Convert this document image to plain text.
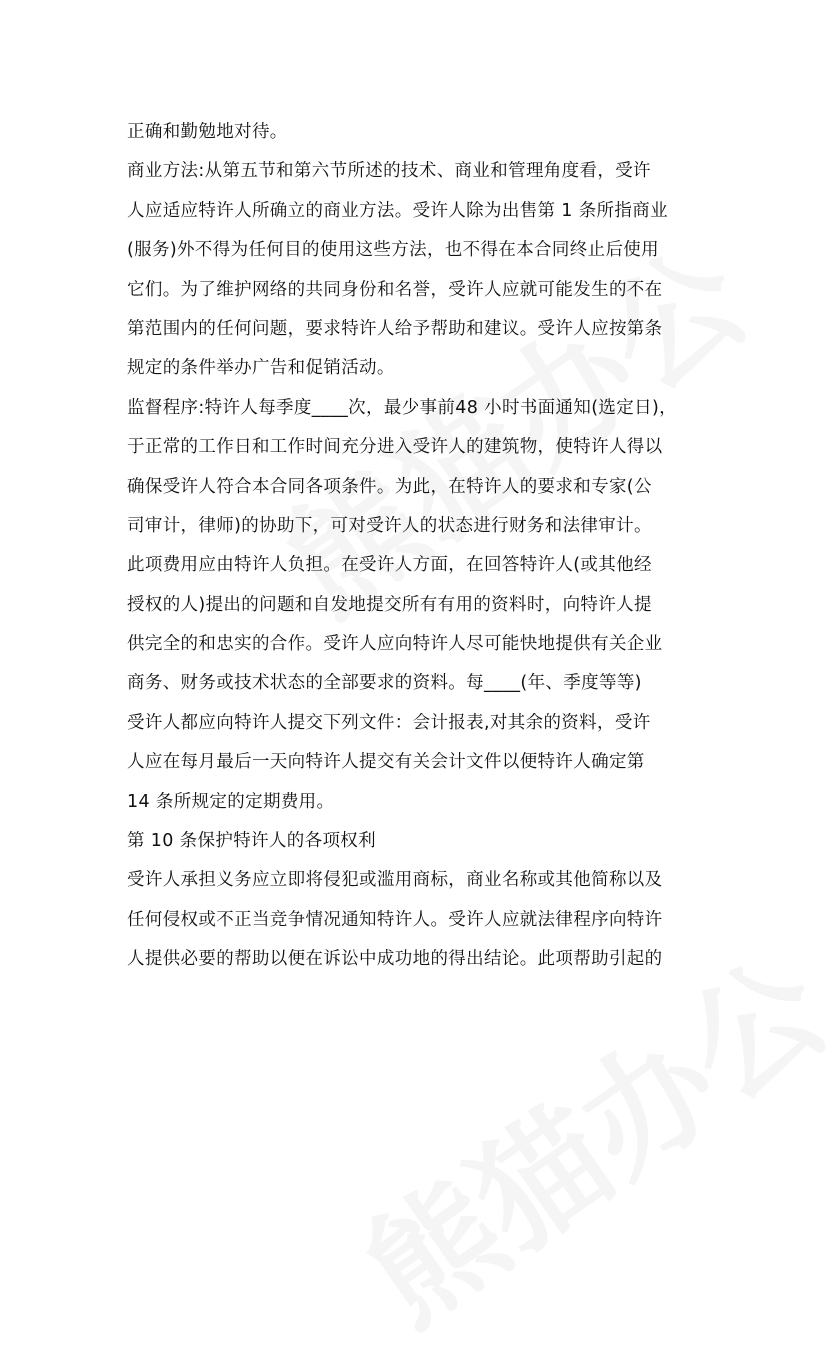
正确和勤勉地对待。
商业方法:从第五节和第六节所述的技术、商业和管理角度看，受许
人应适应特许人所确立的商业方法。受许人除为出售第 1 条所指商业
(服务)外不得为任何目的使用这些方法，也不得在本合同终止后使用
它们。为了维护网络的共同身份和名誉，受许人应就可能发生的不在
第范围内的任何问题，要求特许人给予帮助和建议。受许人应按第条
规定的条件举办广告和促销活动。
监督程序:特许人每季度____次，最少事前48 小时书面通知(选定日)，
于正常的工作日和工作时间充分进入受许人的建筑物，使特许人得以
确保受许人符合本合同各项条件。为此，在特许人的要求和专家(公
司审计，律师)的协助下，可对受许人的状态进行财务和法律审计。
此项费用应由特许人负担。在受许人方面，在回答特许人(或其他经
授权的人)提出的问题和自发地提交所有有用的资料时，向特许人提
供完全的和忠实的合作。受许人应向特许人尽可能快地提供有关企业
商务、财务或技术状态的全部要求的资料。每____(年、季度等等)
受许人都应向特许人提交下列文件：会计报表,对其余的资料，受许
人应在每月最后一天向特许人提交有关会计文件以便特许人确定第
14 条所规定的定期费用。
第 10 条保护特许人的各项权利
受许人承担义务应立即将侵犯或滥用商标，商业名称或其他简称以及
任何侵权或不正当竞争情况通知特许人。受许人应就法律程序向特许
人提供必要的帮助以便在诉讼中成功地的得出结论。此项帮助引起的
